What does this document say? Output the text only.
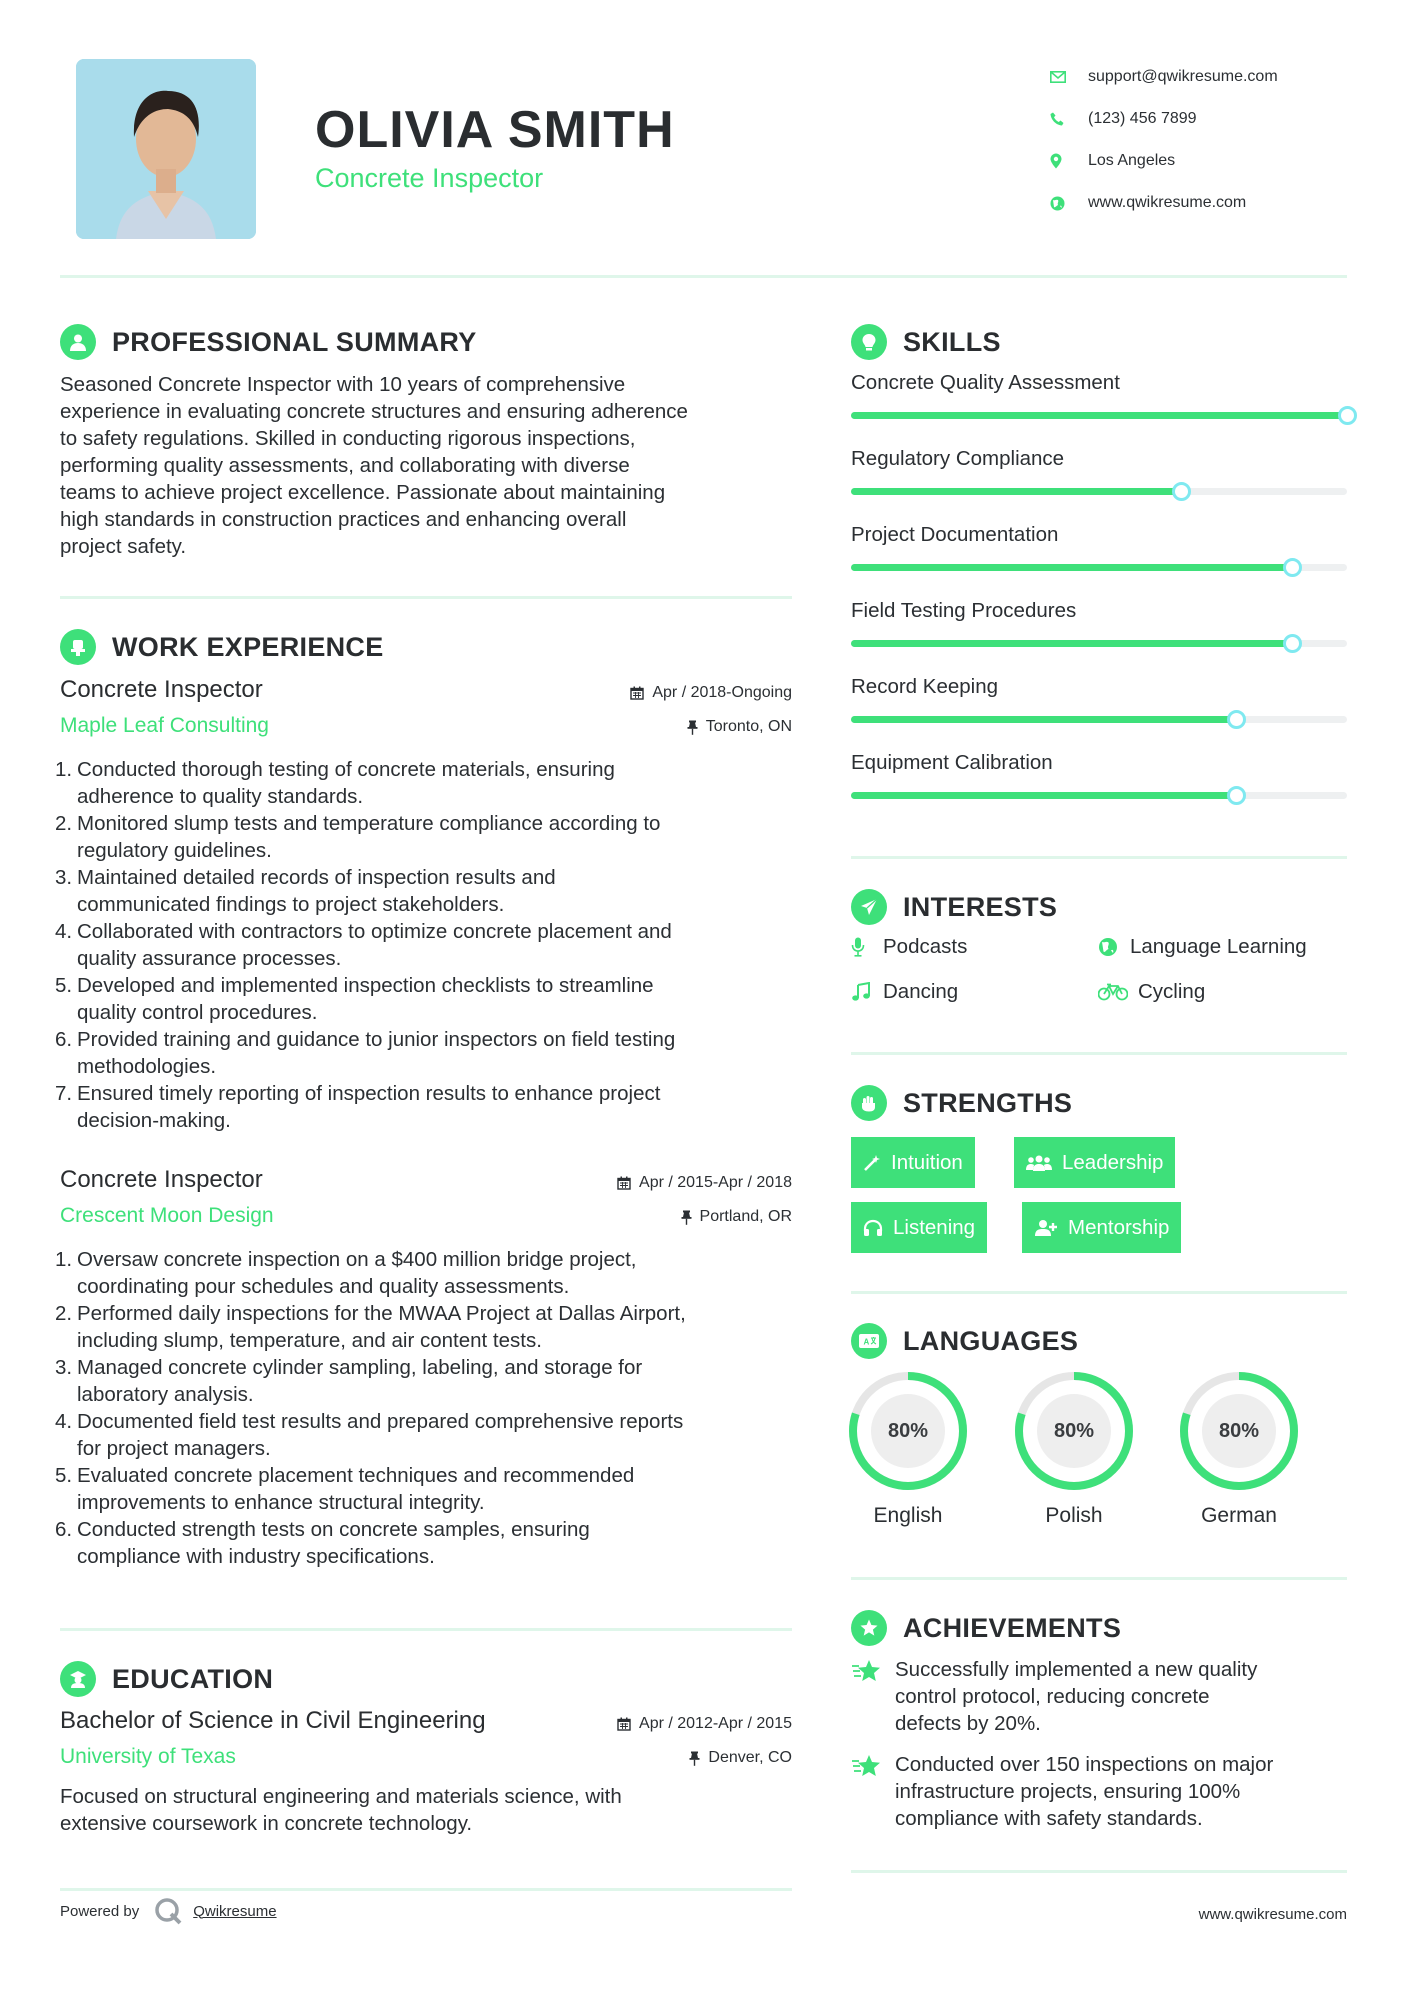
OLIVIA SMITH
Concrete Inspector
support@qwikresume.com
(123) 456 7899
Los Angeles
www.qwikresume.com
PROFESSIONAL SUMMARY
Seasoned Concrete Inspector with 10 years of comprehensive
experience in evaluating concrete structures and ensuring adherence
to safety regulations. Skilled in conducting rigorous inspections,
performing quality assessments, and collaborating with diverse
teams to achieve project excellence. Passionate about maintaining
high standards in construction practices and enhancing overall
project safety.
WORK EXPERIENCE
Concrete Inspector	Apr / 2018-Ongoing
Maple Leaf Consulting	Toronto, ON
1. Conducted thorough testing of concrete materials, ensuring
adherence to quality standards.
2. Monitored slump tests and temperature compliance according to
regulatory guidelines.
3. Maintained detailed records of inspection results and
communicated findings to project stakeholders.
4. Collaborated with contractors to optimize concrete placement and
quality assurance processes.
5. Developed and implemented inspection checklists to streamline
quality control procedures.
6. Provided training and guidance to junior inspectors on field testing
methodologies.
7. Ensured timely reporting of inspection results to enhance project
decision-making.
Concrete Inspector	Apr / 2015-Apr / 2018
Crescent Moon Design	Portland, OR
1. Oversaw concrete inspection on a $400 million bridge project,
coordinating pour schedules and quality assessments.
2. Performed daily inspections for the MWAA Project at Dallas Airport,
including slump, temperature, and air content tests.
3. Managed concrete cylinder sampling, labeling, and storage for
laboratory analysis.
4. Documented field test results and prepared comprehensive reports
for project managers.
5. Evaluated concrete placement techniques and recommended
improvements to enhance structural integrity.
6. Conducted strength tests on concrete samples, ensuring
compliance with industry specifications.
EDUCATION
Bachelor of Science in Civil Engineering	Apr / 2012-Apr / 2015
University of Texas	Denver, CO
Focused on structural engineering and materials science, with
extensive coursework in concrete technology.
SKILLS
Concrete Quality Assessment
Regulatory Compliance
Project Documentation
Field Testing Procedures
Record Keeping
Equipment Calibration
INTERESTS
Podcasts	Language Learning
Dancing	Cycling
STRENGTHS
Intuition	Leadership
Listening	Mentorship
A LANGUAGES
80%
English
80%
Polish
80%
German
ACHIEVEMENTS
Successfully implemented a new quality
control protocol, reducing concrete
defects by 20%.
Conducted over 150 inspections on major
infrastructure projects, ensuring 100%
compliance with safety standards.
Powered by	Qwikresume	www.qwikresume.com
